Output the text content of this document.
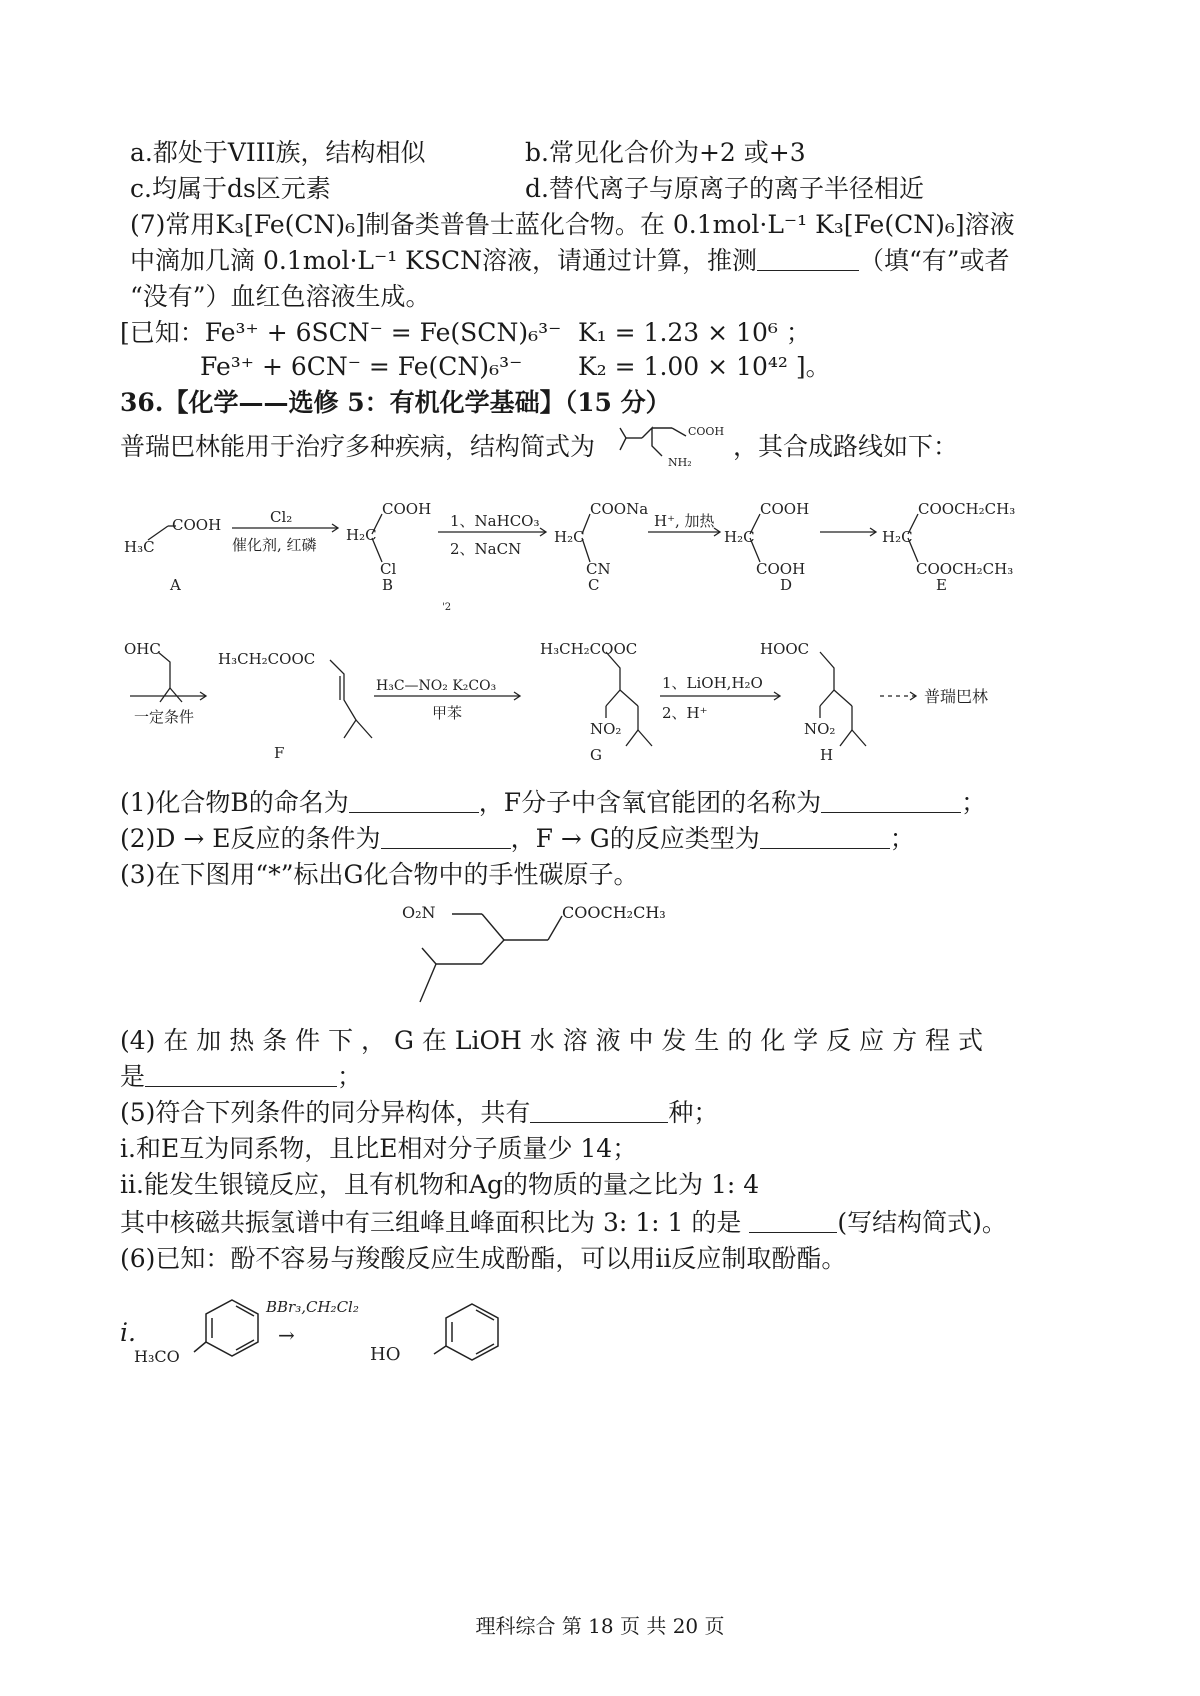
a.都处于VIII族，结构相似	b.常见化合价为+2 或+3
c.均属于ds区元素	d.替代离子与原离子的离子半径相近
(7)常用K₃[Fe(CN)₆]制备类普鲁士蓝化合物。在 0.1mol·L⁻¹ K₃[Fe(CN)₆]溶液
中滴加几滴 0.1mol·L⁻¹ KSCN溶液，请通过计算，推测	（填“有”或者
“没有”）血红色溶液生成。
[已知：Fe³⁺ + 6SCN⁻ = Fe(SCN)₆³⁻ K₁ = 1.23 × 10⁶ ；
Fe³⁺ + 6CN⁻ = Fe(CN)₆³⁻ K₂ = 1.00 × 10⁴² ]。
36.【化学——选修 5：有机化学基础】（15 分）
普瑞巴林能用于治疗多种疾病，结构简式为
COOH
NH₂
，其合成路线如下：
H₃C
COOH
A
Cl₂
催化剂, 红磷
H₂C
COOH
Cl
B
1、NaHCO₃
2、NaCN
H₂C
COONa
CN
C
'2
H⁺, 加热
H₂C
COOH
COOH
D
H₂C
COOCH₂CH₃
COOCH₂CH₃
E
OHC
一定条件
H₃CH₂COOC
F
H₃C—NO₂ K₂CO₃
甲苯
H₃CH₂COOC
NO₂
G
1、LiOH,H₂O
2、H⁺
HOOC
NO₂
H
普瑞巴林
(1)化合物B的命名为	，F分子中含氧官能团的名称为	；
(2)D → E反应的条件为	，F → G的反应类型为	；
(3)在下图用“*”标出G化合物中的手性碳原子。
O₂N	COOCH₂CH₃
(4) 在 加 热 条 件 下 ， G 在 LiOH 水 溶 液 中 发 生 的 化 学 反 应 方 程 式
是	；
(5)符合下列条件的同分异构体，共有	种；
i.和E互为同系物，且比E相对分子质量少 14；
ii.能发生银镜反应，且有机物和Ag的物质的量之比为 1: 4
其中核磁共振氢谱中有三组峰且峰面积比为 3: 1: 1 的是	(写结构简式)。
(6)已知：酚不容易与羧酸反应生成酚酯，可以用ii反应制取酚酯。
i.
BBr₃,CH₂Cl₂
→
H₃CO	HO
理科综合 第 18 页 共 20 页
